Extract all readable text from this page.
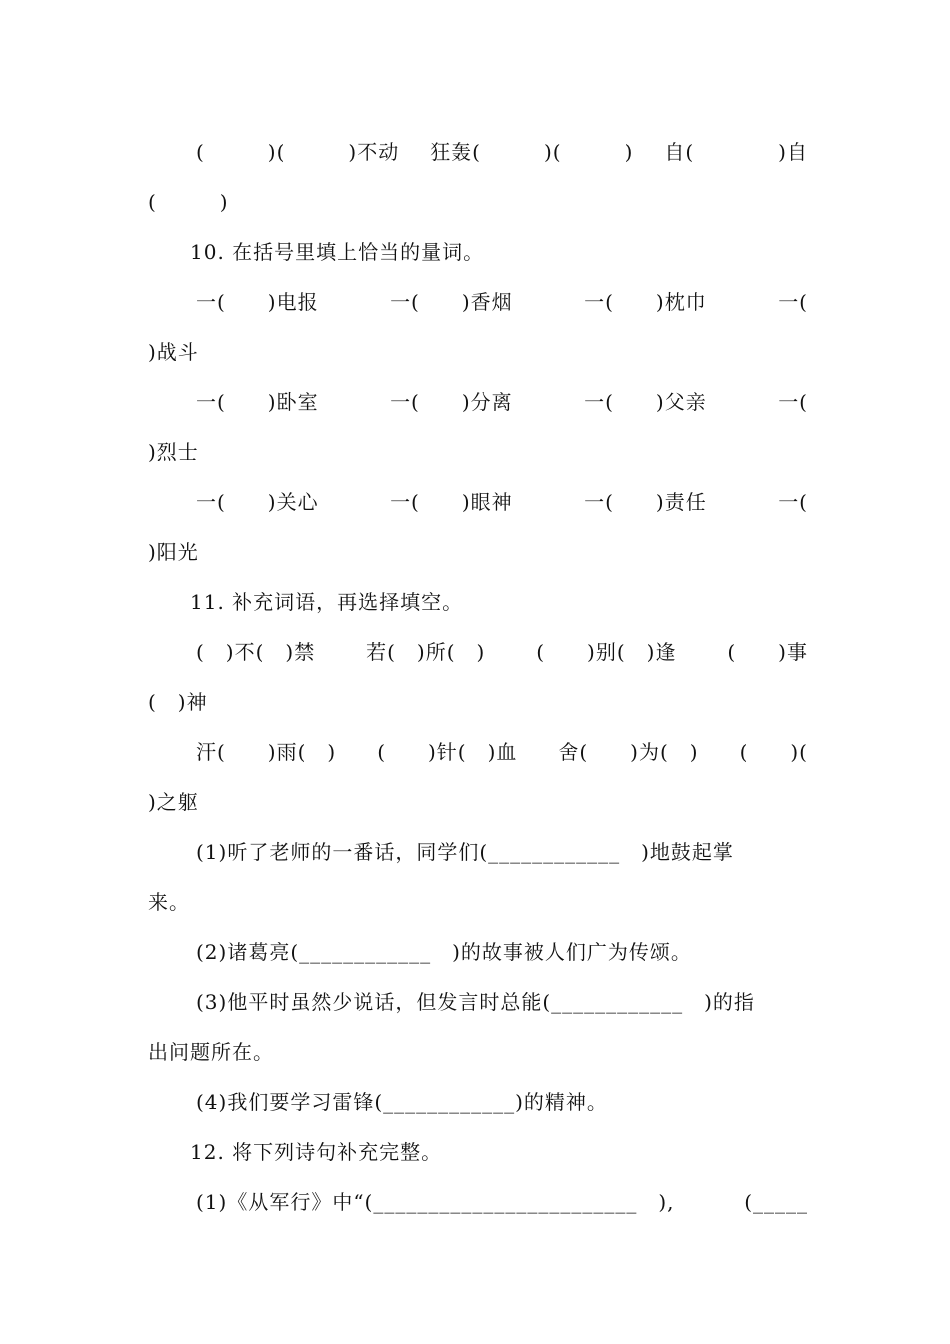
(　　　)(　　　)不动 狂轰(　　　)(　　　) 自(　　　　)自
(　　　)
10. 在括号里填上恰当的量词。
一(　　)电报	一(　　)香烟	一(　　)枕巾	一(
)战斗
一(　　)卧室	一(　　)分离	一(　　)父亲	一(
)烈士
一(　　)关心	一(　　)眼神	一(　　)责任	一(
)阳光
11. 补充词语，再选择填空。
(　)不(　)禁	若(　)所(　)	(　　)别(　)逢	(　　)事
(　)神
汗(　　)雨(　) (　　)针(　)血 舍(　　)为(　) (　　)(
)之躯
(1)听了老师的一番话，同学们(____________　)地鼓起掌
来。
(2)诸葛亮(____________　)的故事被人们广为传颂。
(3)他平时虽然少说话，但发言时总能(____________　)的指
出问题所在。
(4)我们要学习雷锋(____________)的精神。
12. 将下列诗句补充完整。
(1)《从军行》中“(________________________　),	(_____
